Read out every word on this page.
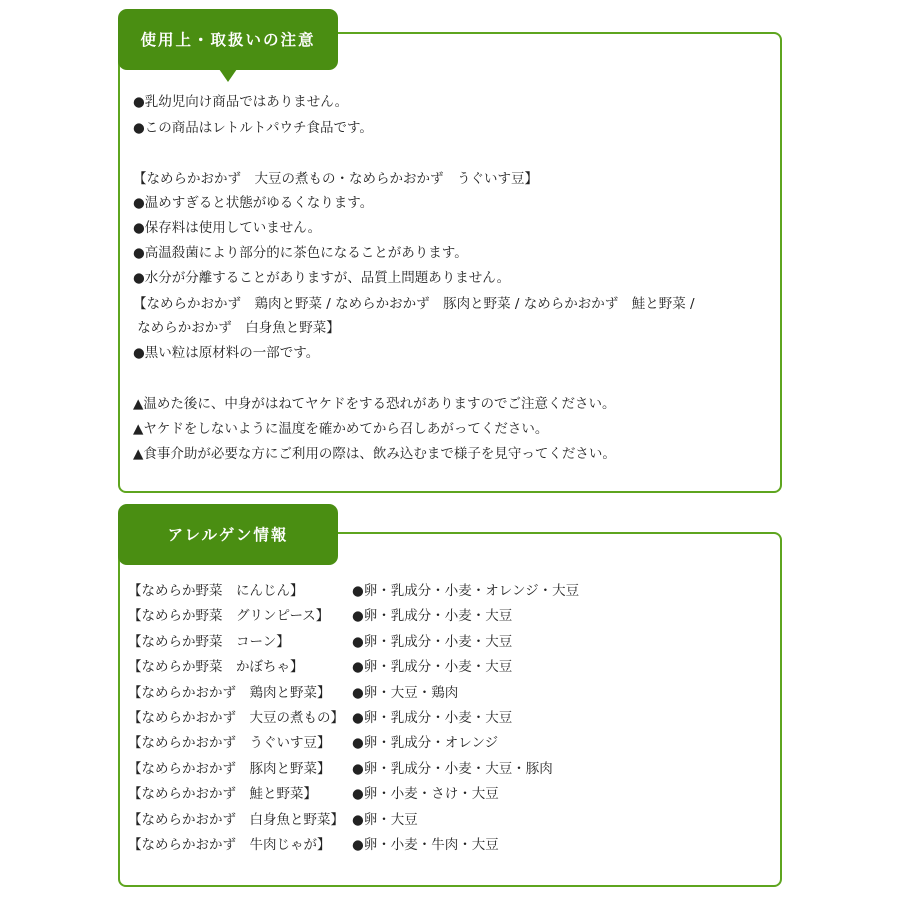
使用上・取扱いの注意
●乳幼児向け商品ではありません。
●この商品はレトルトパウチ食品です。
【なめらかおかず　大豆の煮もの・なめらかおかず　うぐいす豆】
●温めすぎると状態がゆるくなります。
●保存料は使用していません。
●高温殺菌により部分的に茶色になることがあります。
●水分が分離することがありますが、品質上問題ありません。
【なめらかおかず　鶏肉と野菜 / なめらかおかず　豚肉と野菜 / なめらかおかず　鮭と野菜 /
なめらかおかず　白身魚と野菜】
●黒い粒は原材料の一部です。
▲温めた後に、中身がはねてヤケドをする恐れがありますのでご注意ください。
▲ヤケドをしないように温度を確かめてから召しあがってください。
▲食事介助が必要な方にご利用の際は、飲み込むまで様子を見守ってください。
アレルゲン情報
【なめらか野菜　にんじん】	●卵・乳成分・小麦・オレンジ・大豆
【なめらか野菜　グリンピース】 ●卵・乳成分・小麦・大豆
【なめらか野菜　コーン】	●卵・乳成分・小麦・大豆
【なめらか野菜　かぼちゃ】	●卵・乳成分・小麦・大豆
【なめらかおかず　鶏肉と野菜】 ●卵・大豆・鶏肉
【なめらかおかず　大豆の煮もの】 ●卵・乳成分・小麦・大豆
【なめらかおかず　うぐいす豆】 ●卵・乳成分・オレンジ
【なめらかおかず　豚肉と野菜】 ●卵・乳成分・小麦・大豆・豚肉
【なめらかおかず　鮭と野菜】	●卵・小麦・さけ・大豆
【なめらかおかず　白身魚と野菜】 ●卵・大豆
【なめらかおかず　牛肉じゃが】 ●卵・小麦・牛肉・大豆
